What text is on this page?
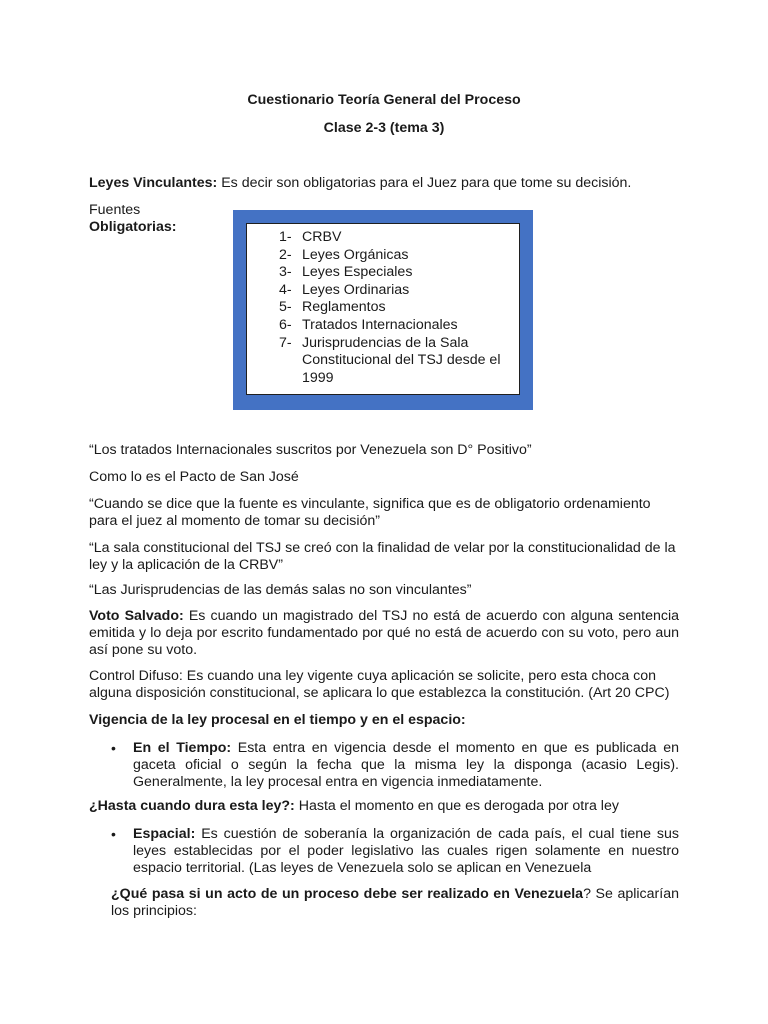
Cuestionario Teoría General del Proceso
Clase 2-3 (tema 3)
Leyes Vinculantes: Es decir son obligatorias para el Juez para que tome su decisión.
Fuentes Obligatorias:
1- CRBV
2- Leyes Orgánicas
3- Leyes Especiales
4- Leyes Ordinarias
5- Reglamentos
6- Tratados Internacionales
7- Jurisprudencias de la Sala Constitucional del TSJ desde el 1999
“Los tratados Internacionales suscritos por Venezuela son D° Positivo”
Como lo es el Pacto de San José
“Cuando se dice que la fuente es vinculante, significa que es de obligatorio ordenamiento para el juez al momento de tomar su decisión”
“La sala constitucional del TSJ se creó con la finalidad de velar por la constitucionalidad de la ley y la aplicación de la CRBV”
“Las Jurisprudencias de las demás salas no son vinculantes”
Voto Salvado: Es cuando un magistrado del TSJ no está de acuerdo con alguna sentencia emitida y lo deja por escrito fundamentado por qué no está de acuerdo con su voto, pero aun así pone su voto.
Control Difuso: Es cuando una ley vigente cuya aplicación se solicite, pero esta choca con alguna disposición constitucional, se aplicara lo que establezca la constitución. (Art 20 CPC)
Vigencia de la ley procesal en el tiempo y en el espacio:
• En el Tiempo: Esta entra en vigencia desde el momento en que es publicada en gaceta oficial o según la fecha que la misma ley la disponga (acasio Legis). Generalmente, la ley procesal entra en vigencia inmediatamente.
¿Hasta cuando dura esta ley?: Hasta el momento en que es derogada por otra ley
• Espacial: Es cuestión de soberanía la organización de cada país, el cual tiene sus leyes establecidas por el poder legislativo las cuales rigen solamente en nuestro espacio territorial. (Las leyes de Venezuela solo se aplican en Venezuela
¿Qué pasa si un acto de un proceso debe ser realizado en Venezuela? Se aplicarían los principios:
